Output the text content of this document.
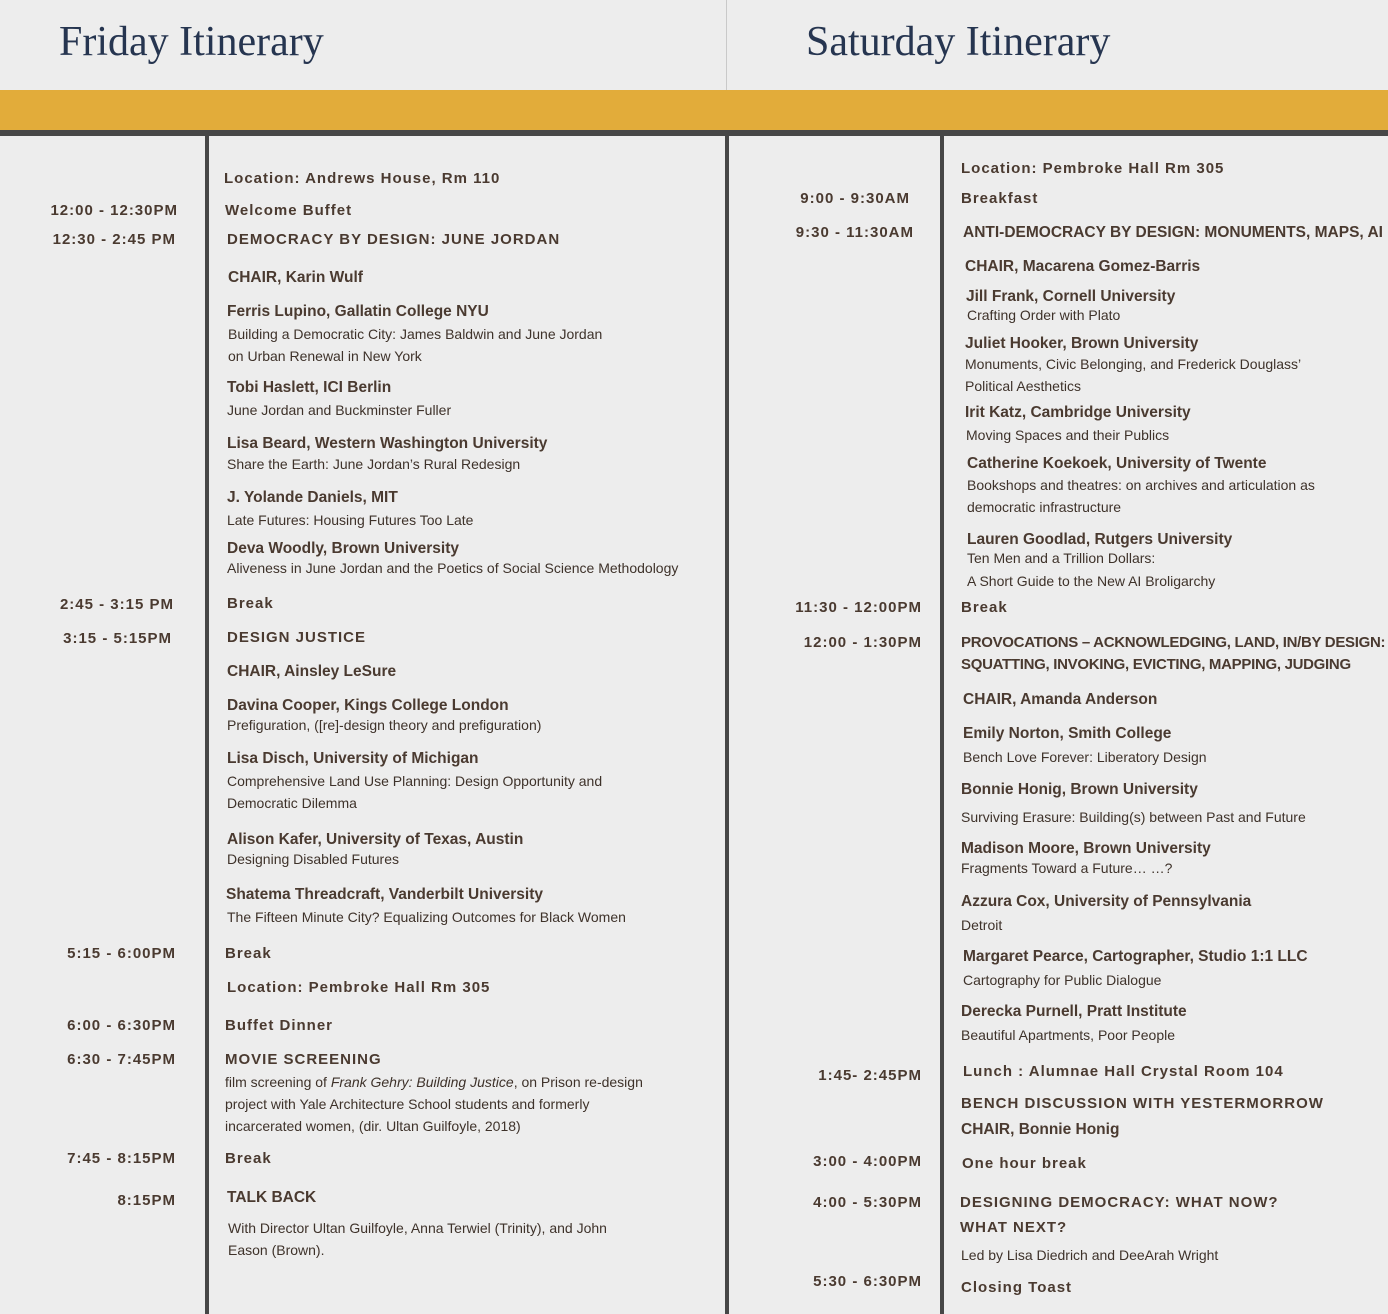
Friday Itinerary	Saturday Itinerary
Location: Andrews House, Rm 110
12:00 - 12:30PM	Welcome Buffet
12:30 - 2:45 PM	DEMOCRACY BY DESIGN: JUNE JORDAN
CHAIR, Karin Wulf
Ferris Lupino, Gallatin College NYU
Building a Democratic City: James Baldwin and June Jordan
on Urban Renewal in New York
Tobi Haslett, ICI Berlin
June Jordan and Buckminster Fuller
Lisa Beard, Western Washington University
Share the Earth: June Jordan’s Rural Redesign
J. Yolande Daniels, MIT
Late Futures: Housing Futures Too Late
Deva Woodly, Brown University
Aliveness in June Jordan and the Poetics of Social Science Methodology
2:45 - 3:15 PM	Break
3:15 - 5:15PM	DESIGN JUSTICE
CHAIR, Ainsley LeSure
Davina Cooper, Kings College London
Prefiguration, ([re]-design theory and prefiguration)
Lisa Disch, University of Michigan
Comprehensive Land Use Planning: Design Opportunity and
Democratic Dilemma
Alison Kafer, University of Texas, Austin
Designing Disabled Futures
Shatema Threadcraft, Vanderbilt University
The Fifteen Minute City? Equalizing Outcomes for Black Women
5:15 - 6:00PM	Break
Location: Pembroke Hall Rm 305
6:00 - 6:30PM	Buffet Dinner
6:30 - 7:45PM	MOVIE SCREENING
film screening of Frank Gehry: Building Justice, on Prison re-design
project with Yale Architecture School students and formerly
incarcerated women, (dir. Ultan Guilfoyle, 2018)
7:45 - 8:15PM	Break
8:15PM	TALK BACK
With Director Ultan Guilfoyle, Anna Terwiel (Trinity), and John
Eason (Brown).
Location: Pembroke Hall Rm 305
9:00 - 9:30AM	Breakfast
9:30 - 11:30AM	ANTI-DEMOCRACY BY DESIGN: MONUMENTS, MAPS, AI
CHAIR, Macarena Gomez-Barris
Jill Frank, Cornell University
Crafting Order with Plato
Juliet Hooker, Brown University
Monuments, Civic Belonging, and Frederick Douglass’
Political Aesthetics
Irit Katz, Cambridge University
Moving Spaces and their Publics
Catherine Koekoek, University of Twente
Bookshops and theatres: on archives and articulation as
democratic infrastructure
Lauren Goodlad, Rutgers University
Ten Men and a Trillion Dollars:
A Short Guide to the New AI Broligarchy
11:30 - 12:00PM	Break
12:00 - 1:30PM	PROVOCATIONS – ACKNOWLEDGING, LAND, IN/BY DESIGN:
SQUATTING, INVOKING, EVICTING, MAPPING, JUDGING
CHAIR, Amanda Anderson
Emily Norton, Smith College
Bench Love Forever: Liberatory Design
Bonnie Honig, Brown University
Surviving Erasure: Building(s) between Past and Future
Madison Moore, Brown University
Fragments Toward a Future… …?
Azzura Cox, University of Pennsylvania
Detroit
Margaret Pearce, Cartographer, Studio 1:1 LLC
Cartography for Public Dialogue
Derecka Purnell, Pratt Institute
Beautiful Apartments, Poor People
1:45- 2:45PM	Lunch : Alumnae Hall Crystal Room 104
BENCH DISCUSSION WITH YESTERMORROW
CHAIR, Bonnie Honig
3:00 - 4:00PM	One hour break
4:00 - 5:30PM	DESIGNING DEMOCRACY: WHAT NOW?
WHAT NEXT?
Led by Lisa Diedrich and DeeArah Wright
5:30 - 6:30PM	Closing Toast
